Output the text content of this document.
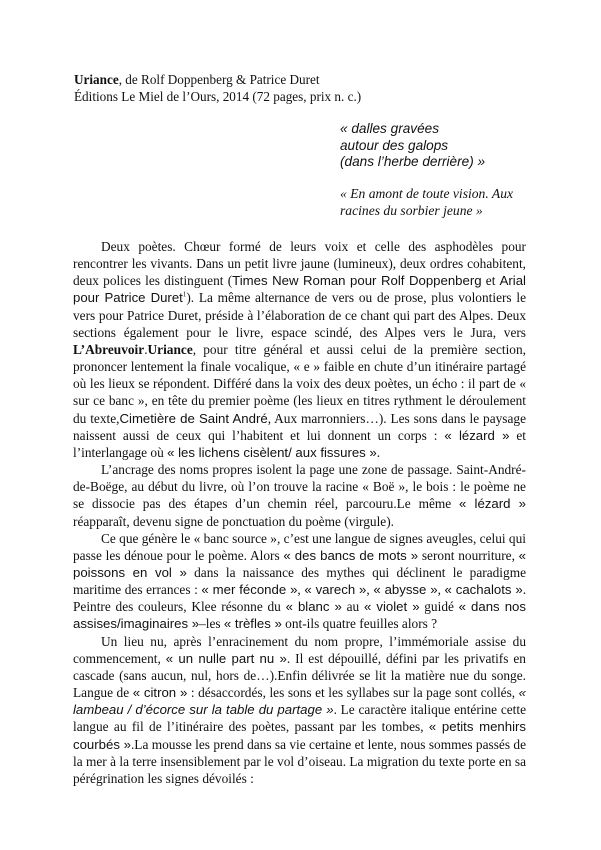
Uriance, de Rolf Doppenberg & Patrice Duret
Éditions Le Miel de l’Ours, 2014 (72 pages, prix n. c.)
« dalles gravées
autour des galops
(dans l’herbe derrière) »
« En amont de toute vision. Aux
racines du sorbier jeune »

Deux poètes. Chœur formé de leurs voix et celle des asphodèles pour rencontrer les vivants. Dans un petit livre jaune (lumineux), deux ordres cohabitent, deux polices les distinguent (Times New Roman pour Rolf Doppenberg et Arial pour Patrice Duret$^1$). La même alternance de vers ou de prose, plus volontiers le vers pour Patrice Duret, préside à l’élaboration de ce chant qui part des Alpes. Deux sections également pour le livre, espace scindé, des Alpes vers le Jura, vers L’Abreuvoir.Uriance, pour titre général et aussi celui de la première section, prononcer lentement la finale vocalique, « e » faible en chute d’un itinéraire partagé où les lieux se répondent. Différé dans la voix des deux poètes, un écho : il part de « sur ce banc », en tête du premier poème (les lieux en titres rythment le déroulement du texte,Cimetière de Saint André, Aux marronniers…). Les sons dans le paysage naissent aussi de ceux qui l’habitent et lui donnent un corps : « lézard » et l’interlangage où « les lichens cisèlent/ aux fissures ».

L’ancrage des noms propres isolent la page une zone de passage. Saint-André-de-Boëge, au début du livre, où l’on trouve la racine « Boë », le bois : le poème ne se dissocie pas des étapes d’un chemin réel, parcouru.Le même « lézard » réapparaît, devenu signe de ponctuation du poème (virgule).

Ce que génère le « banc source », c’est une langue de signes aveugles, celui qui passe les dénoue pour le poème. Alors « des bancs de mots » seront nourriture, « poissons en vol » dans la naissance des mythes qui déclinent le paradigme maritime des errances : « mer féconde », « varech », « abysse », « cachalots ». Peintre des couleurs, Klee résonne du « blanc » au « violet » guidé « dans nos assises/imaginaires »–les « trèfles » ont-ils quatre feuilles alors ?

Un lieu nu, après l’enracinement du nom propre, l’immémoriale assise du commencement, « un nulle part nu ». Il est dépouillé, défini par les privatifs en cascade (sans aucun, nul, hors de…).Enfin délivrée se lit la matière nue du songe. Langue de « citron » : désaccordés, les sons et les syllabes sur la page sont collés, « lambeau / d’écorce sur la table du partage ». Le caractère italique entérine cette langue au fil de l’itinéraire des poètes, passant par les tombes, « petits menhirs courbés ».La mousse les prend dans sa vie certaine et lente, nous sommes passés de la mer à la terre insensiblement par le vol d’oiseau. La migration du texte porte en sa pérégrination les signes dévoilés :
